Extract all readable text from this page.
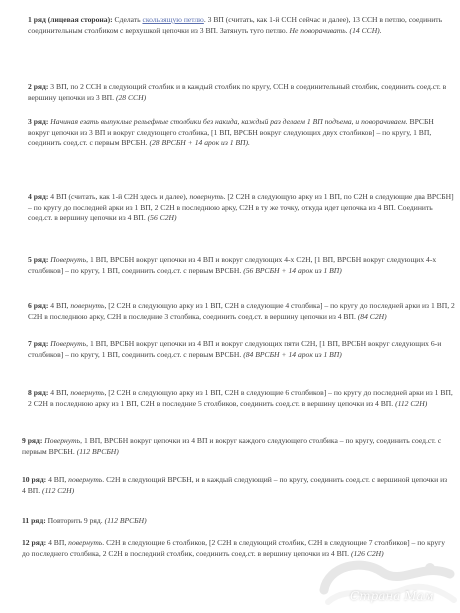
1 ряд (лицевая сторона): Сделать скользящую петлю. 3 ВП (считать, как 1-й ССН сейчас и далее), 13 ССН в петлю, соединить соединительным столбиком с верхушкой цепочки из 3 ВП. Затянуть туго петлю. Не поворачивать. (14 ССН).

2 ряд: 3 ВП, по 2 ССН в следующий столбик и в каждый столбик по кругу, ССН в соединительный столбик, соединить соед.ст. в вершину цепочки из 3 ВП. (28 ССН)

3 ряд: Начиная езать выпуклые рельефные столбики без накида, каждый раз делаем 1 ВП подъема, и поворачиваем. ВРСБН вокруг цепочки из 3 ВП и вокруг следующего столбика, [1 ВП, ВРСБН вокруг следующих двух столбиков] – по кругу, 1 ВП, соединить соед.ст. с первым ВРСБН. (28 ВРСБН + 14 арок из 1 ВП).

4 ряд: 4 ВП (считать, как 1-й С2Н здесь и далее), повернуть. [2 С2Н в следующую арку из 1 ВП, по С2Н в следующие два ВРСБН] – по кругу до последней арки из 1 ВП, 2 С2Н в последнюю арку, С2Н в ту же точку, откуда идет цепочка из 4 ВП. Соединить соед.ст. в вершину цепочки из 4 ВП. (56 С2Н)

5 ряд: Повернуть, 1 ВП, ВРСБН вокруг цепочки из 4 ВП и вокруг следующих 4-х С2Н, [1 ВП, ВРСБН вокруг следующих 4-х столбиков] – по кругу, 1 ВП, соединить соед.ст. с первым ВРСБН. (56 ВРСБН + 14 арок из 1 ВП)

6 ряд: 4 ВП, повернуть, [2 С2Н в следующую арку из 1 ВП, С2Н в следующие 4 столбика] – по кругу до последней арки из 1 ВП, 2 С2Н в последнюю арку, С2Н в последние 3 столбика, соединить соед.ст. в вершину цепочки из 4 ВП. (84 С2Н)

7 ряд: Повернуть, 1 ВП, ВРСБН вокруг цепочки из 4 ВП и вокруг следующих пяти С2Н, [1 ВП, ВРСБН вокруг следующих 6-и столбиков] – по кругу, 1 ВП, соединить соед.ст. с первым ВРСБН. (84 ВРСБН + 14 арок из 1 ВП)

8 ряд: 4 ВП, повернуть, [2 С2Н в следующую арку из 1 ВП, С2Н в следующие 6 столбиков] – по кругу до последней арки из 1 ВП, 2 С2Н в последнюю арку из 1 ВП, С2Н в последние 5 столбиков, соединить соед.ст. в вершину цепочки из 4 ВП. (112 С2Н)

9 ряд: Повернуть, 1 ВП, ВРСБН вокруг цепочки из 4 ВП и вокруг каждого следующего столбика – по кругу, соединить соед.ст. с первым ВРСБН. (112 ВРСБН)

10 ряд: 4 ВП, повернуть. С2Н в следующий ВРСБН, и в каждый следующий – по кругу, соединить соед.ст. с вершиной цепочки из 4 ВП. (112 С2Н)

11 ряд: Повторить 9 ряд. (112 ВРСБН)

12 ряд: 4 ВП, повернуть. С2Н в следующие 6 столбиков, [2 С2Н в следующий столбик, С2Н в следующие 7 столбиков] – по кругу до последнего столбика, 2 С2Н в последний столбик, соединить соед.ст. в вершину цепочки из 4 ВП. (126 С2Н)

Страна Мам
